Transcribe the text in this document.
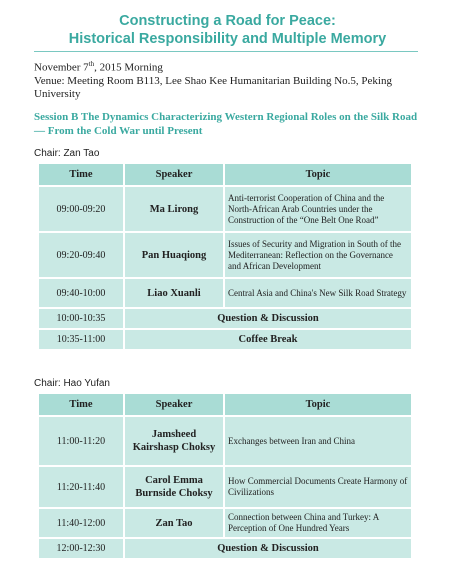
Constructing a Road for Peace:
Historical Responsibility and Multiple Memory
November 7th, 2015 Morning
Venue: Meeting Room B113, Lee Shao Kee Humanitarian Building No.5, Peking University
Session B The Dynamics Characterizing Western Regional Roles on the Silk Road — From the Cold War until Present
Chair: Zan Tao
Time	Speaker	Topic
09:00-09:20	Ma Lirong	Anti-terrorist Cooperation of China and the North-African Arab Countries under the Construction of the “One Belt One Road”
09:20-09:40	Pan Huaqiong	Issues of Security and Migration in South of the Mediterranean: Reflection on the Governance and African Development
09:40-10:00	Liao Xuanli	Central Asia and China's New Silk Road Strategy
10:00-10:35	Question & Discussion	
10:35-11:00	Coffee Break	
Chair: Hao Yufan
Time	Speaker	Topic
11:00-11:20	Jamsheed Kairshasp Choksy	Exchanges between Iran and China
11:20-11:40	Carol Emma Burnside Choksy	How Commercial Documents Create Harmony of Civilizations
11:40-12:00	Zan Tao	Connection between China and Turkey: A Perception of One Hundred Years
12:00-12:30	Question & Discussion	
